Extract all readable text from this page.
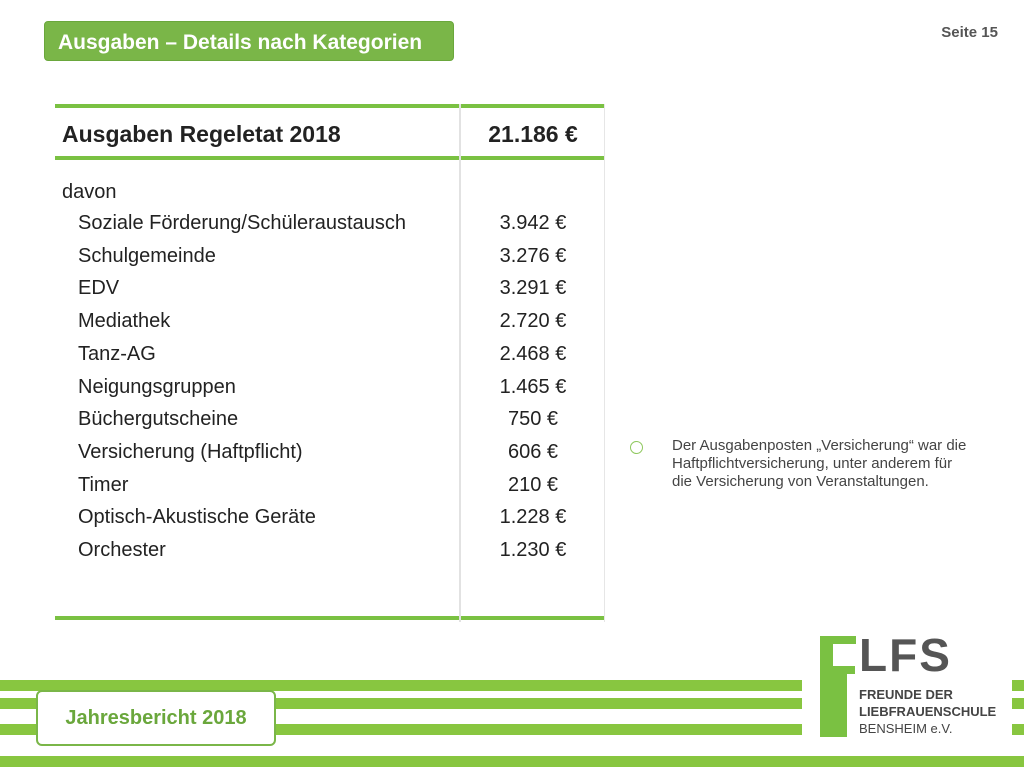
Ausgaben – Details nach Kategorien	Seite 15
Ausgaben Regeletat 2018	21.186 €
davon
Soziale Förderung/Schüleraustausch	3.942 €
Schulgemeinde	3.276 €
EDV	3.291 €
Mediathek	2.720 €
Tanz-AG	2.468 €
Neigungsgruppen	1.465 €
Büchergutscheine	750 €
Versicherung (Haftpflicht)	606 €
Timer	210 €
Optisch-Akustische Geräte	1.228 €
Orchester	1.230 €
Der Ausgabenposten „Versicherung“ war die Haftpflichtversicherung, unter anderem für die Versicherung von Veranstaltungen.
Jahresbericht 2018
LFS
FREUNDE DER
LIEBFRAUENSCHULE
BENSHEIM e.V.
